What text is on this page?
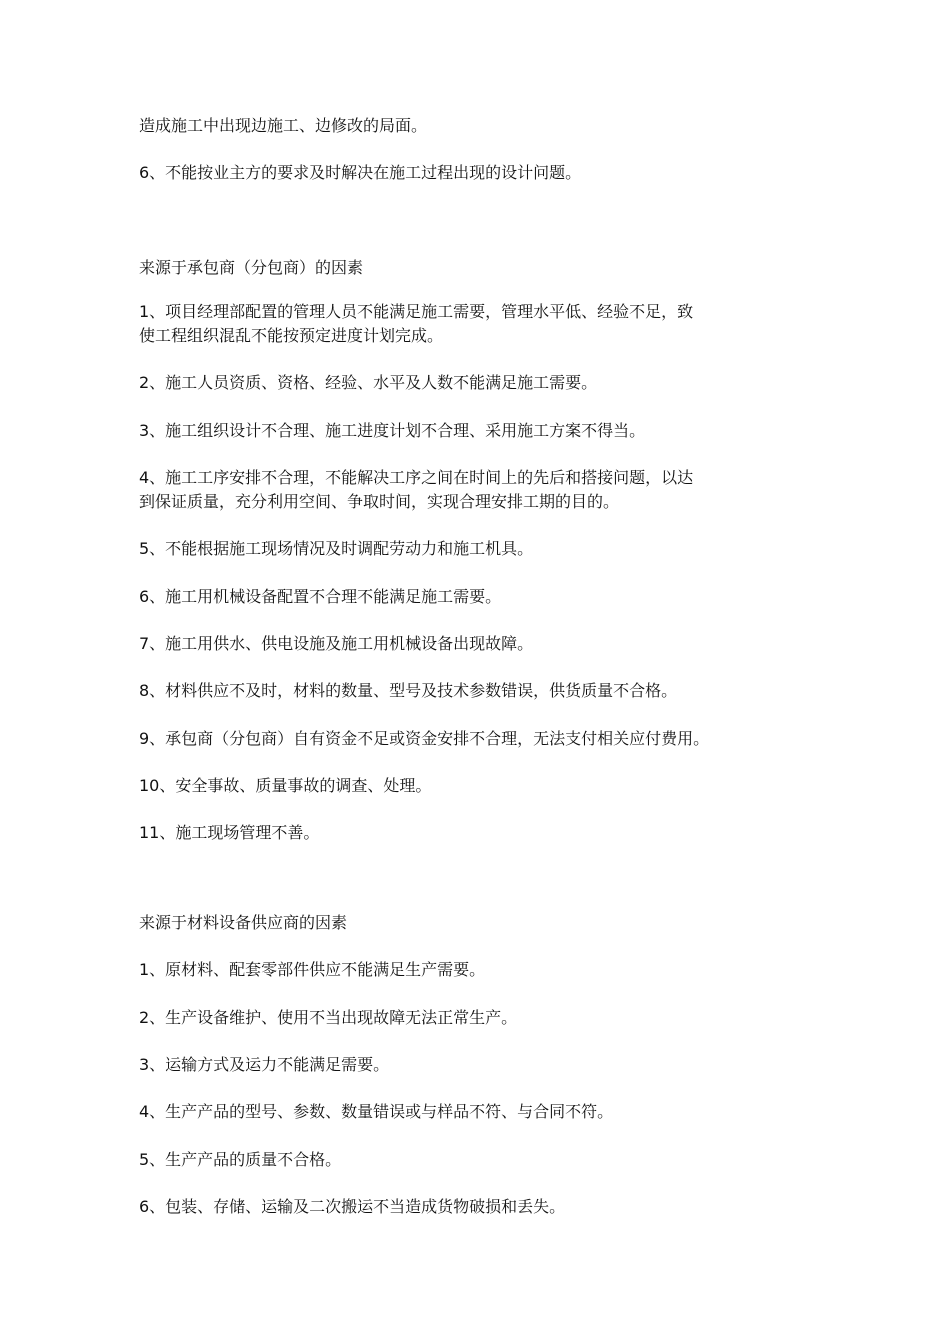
造成施工中出现边施工、边修改的局面。

6、不能按业主方的要求及时解决在施工过程出现的设计问题。

来源于承包商（分包商）的因素

1、项目经理部配置的管理人员不能满足施工需要，管理水平低、经验不足，致

使工程组织混乱不能按预定进度计划完成。

2、施工人员资质、资格、经验、水平及人数不能满足施工需要。

3、施工组织设计不合理、施工进度计划不合理、采用施工方案不得当。

4、施工工序安排不合理，不能解决工序之间在时间上的先后和搭接问题，以达

到保证质量，充分利用空间、争取时间，实现合理安排工期的目的。

5、不能根据施工现场情况及时调配劳动力和施工机具。

6、施工用机械设备配置不合理不能满足施工需要。

7、施工用供水、供电设施及施工用机械设备出现故障。

8、材料供应不及时，材料的数量、型号及技术参数错误，供货质量不合格。

9、承包商（分包商）自有资金不足或资金安排不合理，无法支付相关应付费用。

10、安全事故、质量事故的调查、处理。

11、施工现场管理不善。

来源于材料设备供应商的因素

1、原材料、配套零部件供应不能满足生产需要。

2、生产设备维护、使用不当出现故障无法正常生产。

3、运输方式及运力不能满足需要。

4、生产产品的型号、参数、数量错误或与样品不符、与合同不符。

5、生产产品的质量不合格。

6、包装、存储、运输及二次搬运不当造成货物破损和丢失。
